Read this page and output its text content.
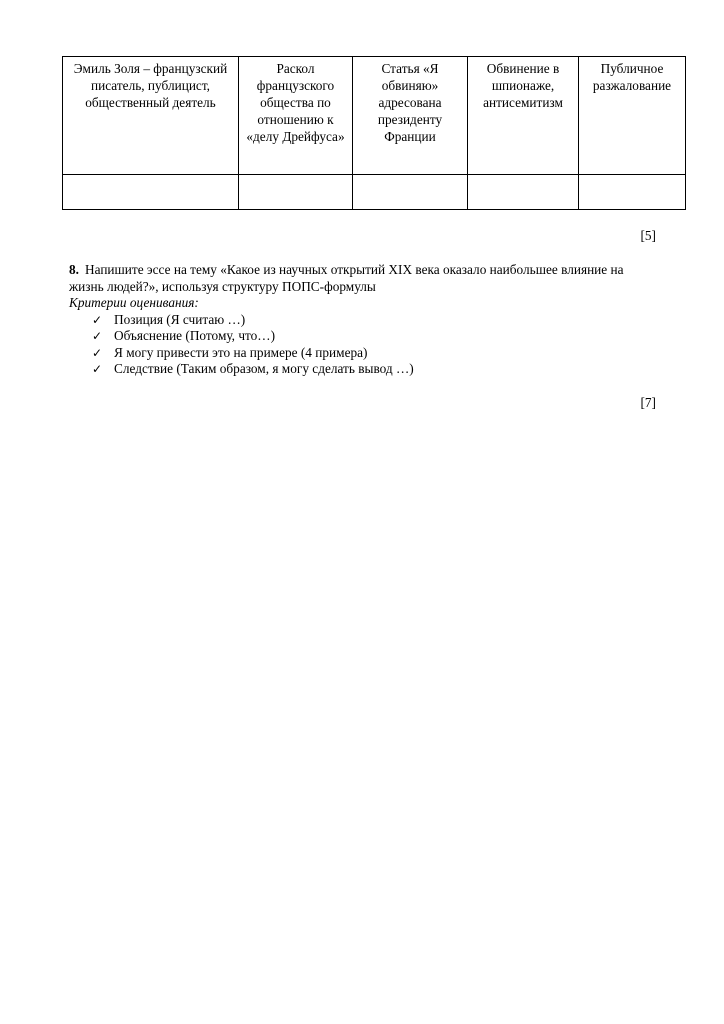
Эмиль Золя – французский писатель, публицист, общественный деятель	Раскол французского общества по отношению к «делу Дрейфуса»	Статья «Я обвиняю» адресована президенту Франции	Обвинение в шпионаже, антисемитизм	Публичное разжалование

[5]
8. Напишите эссе на тему «Какое из научных открытий XIX века оказало наибольшее влияние на жизнь людей?», используя структуру ПОПС-формулы
Критерии оценивания:
✓ Позиция (Я считаю …)
✓ Объяснение (Потому, что…)
✓ Я могу привести это на примере (4 примера)
✓ Следствие (Таким образом, я могу сделать вывод …)
[7]
